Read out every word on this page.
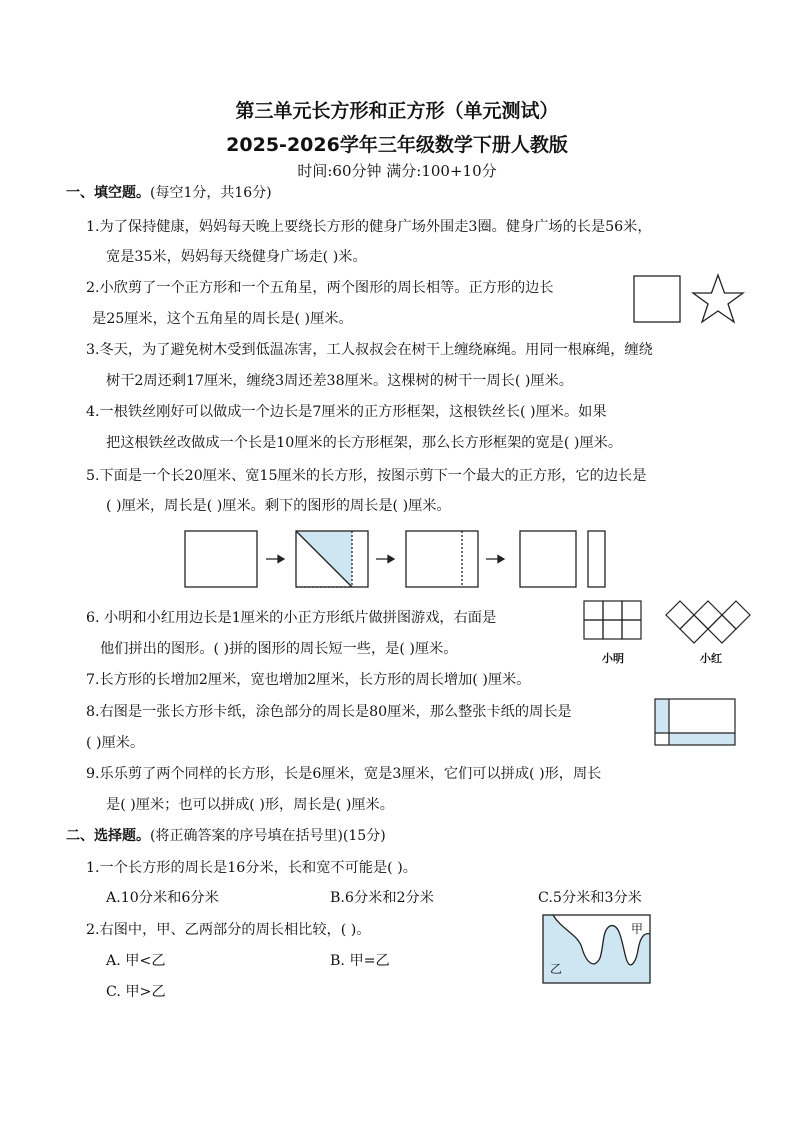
第三单元长方形和正方形（单元测试）
2025-2026学年三年级数学下册人教版
时间:60分钟 满分:100+10分
一、填空题。(每空1分，共16分)
1.为了保持健康，妈妈每天晚上要绕长方形的健身广场外围走3圈。健身广场的长是56米，
宽是35米，妈妈每天绕健身广场走( )米。
2.小欣剪了一个正方形和一个五角星，两个图形的周长相等。正方形的边长
是25厘米，这个五角星的周长是( )厘米。
3.冬天，为了避免树木受到低温冻害，工人叔叔会在树干上缠绕麻绳。用同一根麻绳，缠绕
树干2周还剩17厘米，缠绕3周还差38厘米。这棵树的树干一周长( )厘米。
4.一根铁丝刚好可以做成一个边长是7厘米的正方形框架，这根铁丝长( )厘米。如果
把这根铁丝改做成一个长是10厘米的长方形框架，那么长方形框架的宽是( )厘米。
5.下面是一个长20厘米、宽15厘米的长方形，按图示剪下一个最大的正方形，它的边长是
( )厘米，周长是( )厘米。剩下的图形的周长是( )厘米。
6. 小明和小红用边长是1厘米的小正方形纸片做拼图游戏，右面是
他们拼出的图形。( )拼的图形的周长短一些，是( )厘米。
小明	小红
7.长方形的长增加2厘米，宽也增加2厘米，长方形的周长增加( )厘米。
8.右图是一张长方形卡纸，涂色部分的周长是80厘米，那么整张卡纸的周长是
( )厘米。
9.乐乐剪了两个同样的长方形，长是6厘米，宽是3厘米，它们可以拼成( )形，周长
是( )厘米；也可以拼成( )形，周长是( )厘米。
二、选择题。(将正确答案的序号填在括号里)(15分)
1.一个长方形的周长是16分米，长和宽不可能是( )。
A.10分米和6分米	B.6分米和2分米	C.5分米和3分米
2.右图中，甲、乙两部分的周长相比较，( )。
A. 甲<乙	B. 甲=乙
C. 甲>乙
甲
乙
